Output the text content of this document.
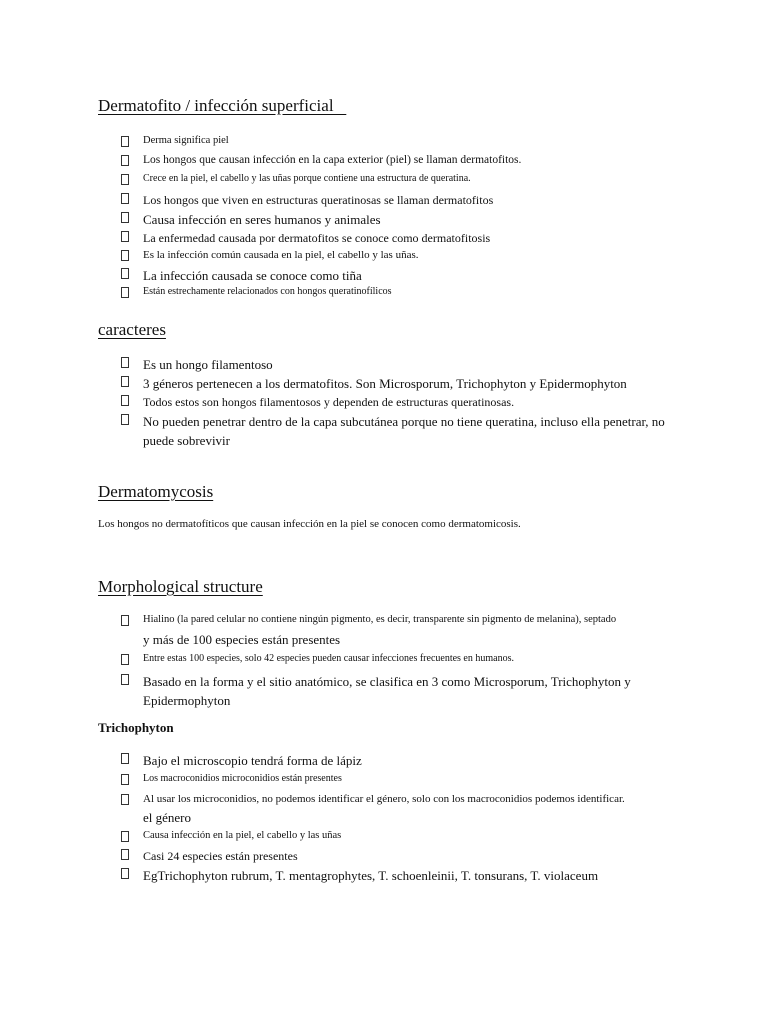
Dermatofito / infección superficial
Derma significa piel
Los hongos que causan infección en la capa exterior (piel) se llaman dermatofitos.
Crece en la piel, el cabello y las uñas porque contiene una estructura de queratina.
Los hongos que viven en estructuras queratinosas se llaman dermatofitos
Causa infección en seres humanos y animales
La enfermedad causada por dermatofitos se conoce como dermatofitosis
Es la infección común causada en la piel, el cabello y las uñas.
La infección causada se conoce como tiña
Están estrechamente relacionados con hongos queratinofílicos
caracteres
Es un hongo filamentoso
3 géneros pertenecen a los dermatofitos. Son Microsporum, Trichophyton y Epidermophyton
Todos estos son hongos filamentosos y dependen de estructuras queratinosas.
No pueden penetrar dentro de la capa subcutánea porque no tiene queratina, incluso ella penetrar, no puede sobrevivir
Dermatomycosis
Los hongos no dermatofíticos que causan infección en la piel se conocen como dermatomicosis.
Morphological structure
Hialino (la pared celular no contiene ningún pigmento, es decir, transparente sin pigmento de melanina), septado
y más de 100 especies están presentes
Entre estas 100 especies, solo 42 especies pueden causar infecciones frecuentes en humanos.
Basado en la forma y el sitio anatómico, se clasifica en 3 como Microsporum, Trichophyton y Epidermophyton
Trichophyton
Bajo el microscopio tendrá forma de lápiz
Los macroconidios microconidios están presentes
Al usar los microconidios, no podemos identificar el género, solo con los macroconidios podemos identificar.
el género
Causa infección en la piel, el cabello y las uñas
Casi 24 especies están presentes
EgTrichophyton rubrum, T. mentagrophytes, T. schoenleinii, T. tonsurans, T. violaceum
